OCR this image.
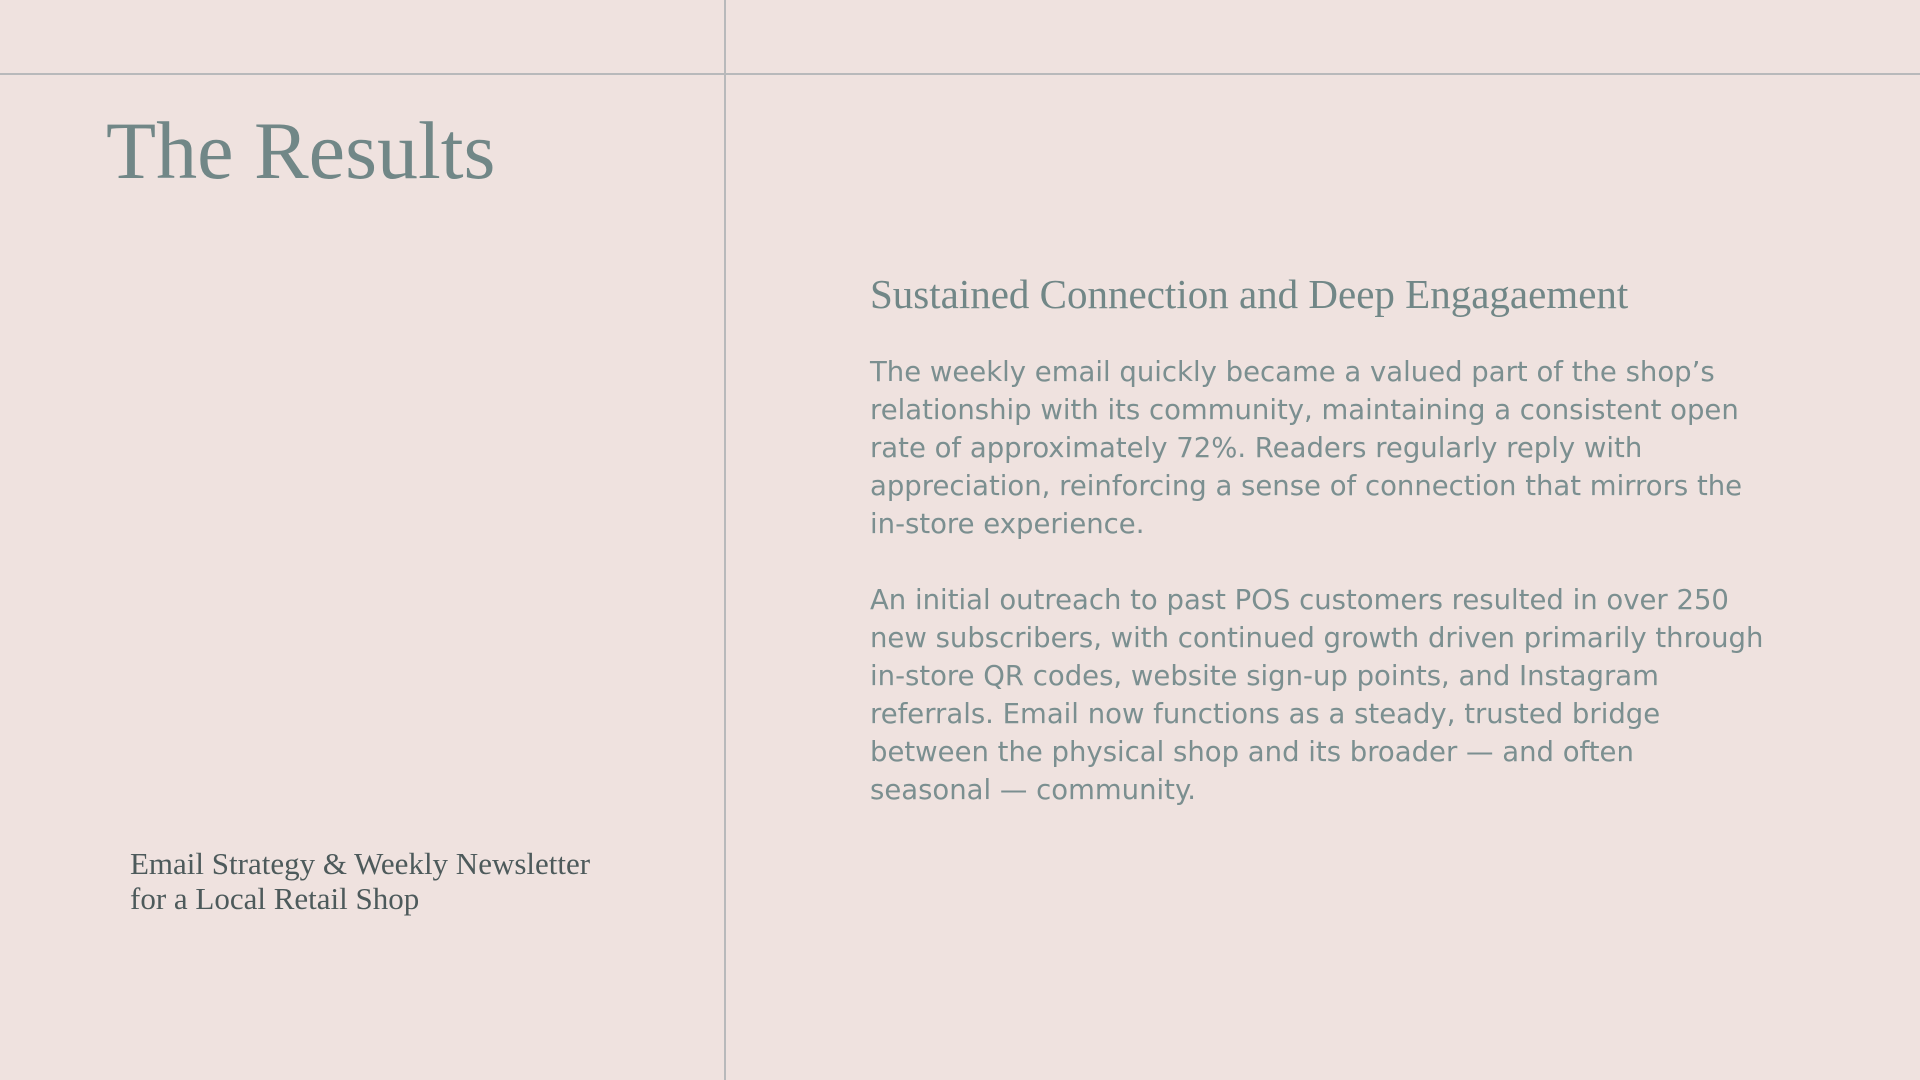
The Results
Email Strategy & Weekly Newsletter
for a Local Retail Shop
Sustained Connection and Deep Engagaement

The weekly email quickly became a valued part of the shop’s
relationship with its community, maintaining a consistent open
rate of approximately 72%. Readers regularly reply with
appreciation, reinforcing a sense of connection that mirrors the
in-store experience.

An initial outreach to past POS customers resulted in over 250
new subscribers, with continued growth driven primarily through
in-store QR codes, website sign-up points, and Instagram
referrals. Email now functions as a steady, trusted bridge
between the physical shop and its broader — and often
seasonal — community.
